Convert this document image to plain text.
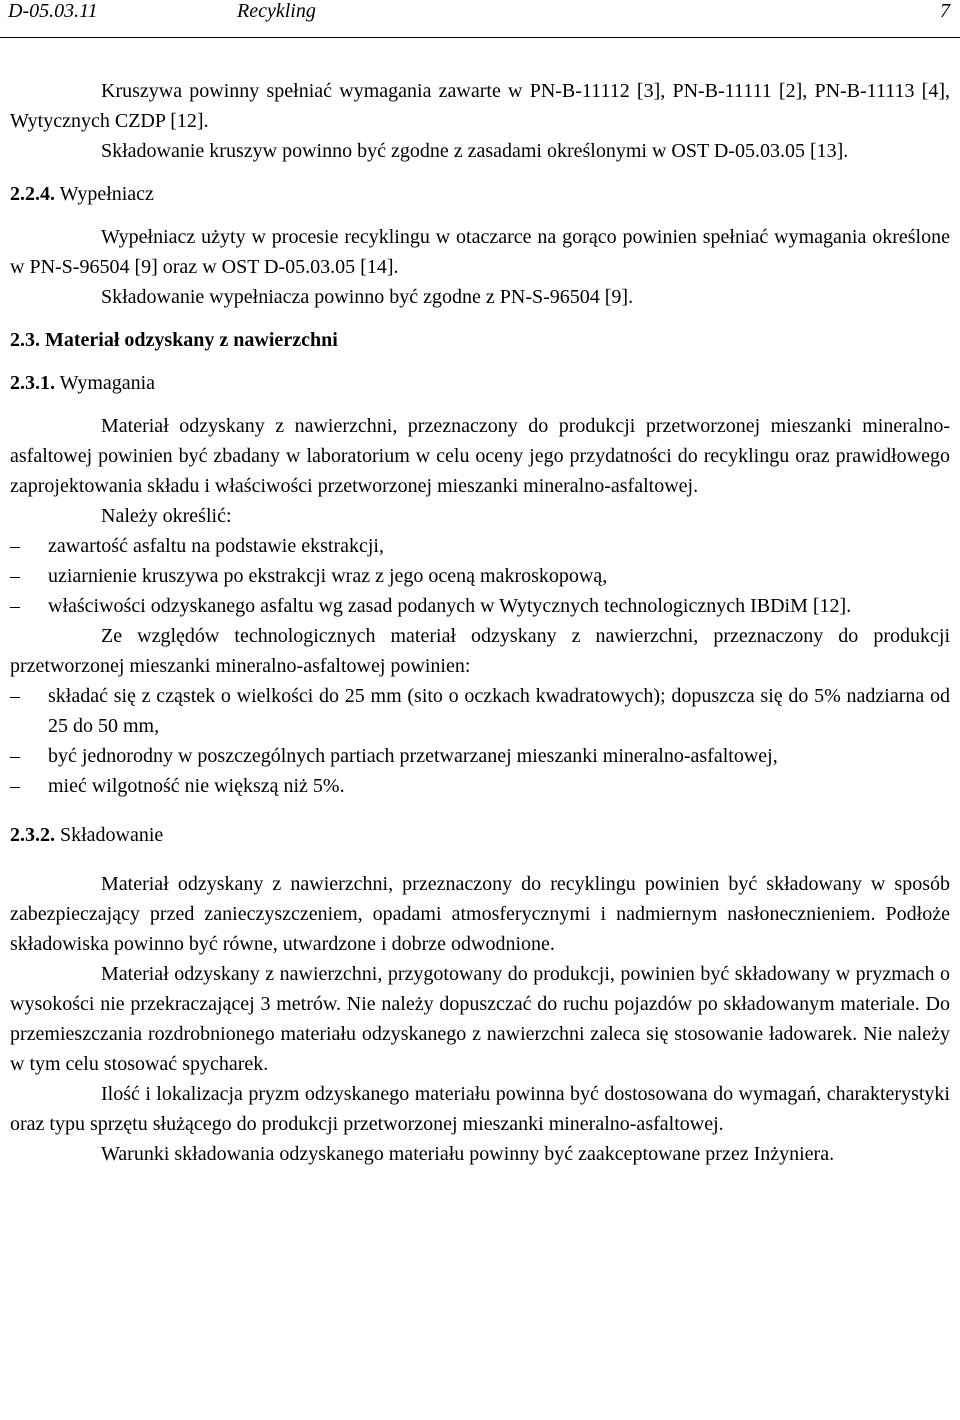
D-05.03.11	Recykling	7

Kruszywa powinny spełniać wymagania zawarte w PN-B-11112 [3], PN-B-11111 [2], PN-B-11113 [4], Wytycznych CZDP [12].

Składowanie kruszyw powinno być zgodne z zasadami określonymi w OST D-05.03.05 [13].

2.2.4. Wypełniacz

Wypełniacz użyty w procesie recyklingu w otaczarce na gorąco powinien spełniać wymagania określone w PN-S-96504 [9] oraz w OST D-05.03.05 [14].

Składowanie wypełniacza powinno być zgodne z PN-S-96504 [9].

2.3. Materiał odzyskany z nawierzchni
2.3.1. Wymagania

Materiał odzyskany z nawierzchni, przeznaczony do produkcji przetworzonej mieszanki mineralno-asfaltowej powinien być zbadany w laboratorium w celu oceny jego przydatności do recyklingu oraz prawidłowego zaprojektowania składu i właściwości przetworzonej mieszanki mineralno-asfaltowej.

Należy określić:

– zawartość asfaltu na podstawie ekstrakcji,
– uziarnienie kruszywa po ekstrakcji wraz z jego oceną makroskopową,
– właściwości odzyskanego asfaltu wg zasad podanych w Wytycznych technologicznych IBDiM [12].

Ze względów technologicznych materiał odzyskany z nawierzchni, przeznaczony do produkcji przetworzonej mieszanki mineralno-asfaltowej powinien:

– składać się z cząstek o wielkości do 25 mm (sito o oczkach kwadratowych); dopuszcza się do 5% nadziarna od 25 do 50 mm,
– być jednorodny w poszczególnych partiach przetwarzanej mieszanki mineralno-asfaltowej,
– mieć wilgotność nie większą niż 5%.
2.3.2. Składowanie

Materiał odzyskany z nawierzchni, przeznaczony do recyklingu powinien być składowany w sposób zabezpieczający przed zanieczyszczeniem, opadami atmosferycznymi i nadmiernym nasłonecznieniem. Podłoże składowiska powinno być równe, utwardzone i dobrze odwodnione.

Materiał odzyskany z nawierzchni, przygotowany do produkcji, powinien być składowany w pryzmach o wysokości nie przekraczającej 3 metrów. Nie należy dopuszczać do ruchu pojazdów po składowanym materiale. Do przemieszczania rozdrobnionego materiału odzyskanego z nawierzchni zaleca się stosowanie ładowarek. Nie należy w tym celu stosować spycharek.

Ilość i lokalizacja pryzm odzyskanego materiału powinna być dostosowana do wymagań, charakterystyki oraz typu sprzętu służącego do produkcji przetworzonej mieszanki mineralno-asfaltowej.

Warunki składowania odzyskanego materiału powinny być zaakceptowane przez Inżyniera.
